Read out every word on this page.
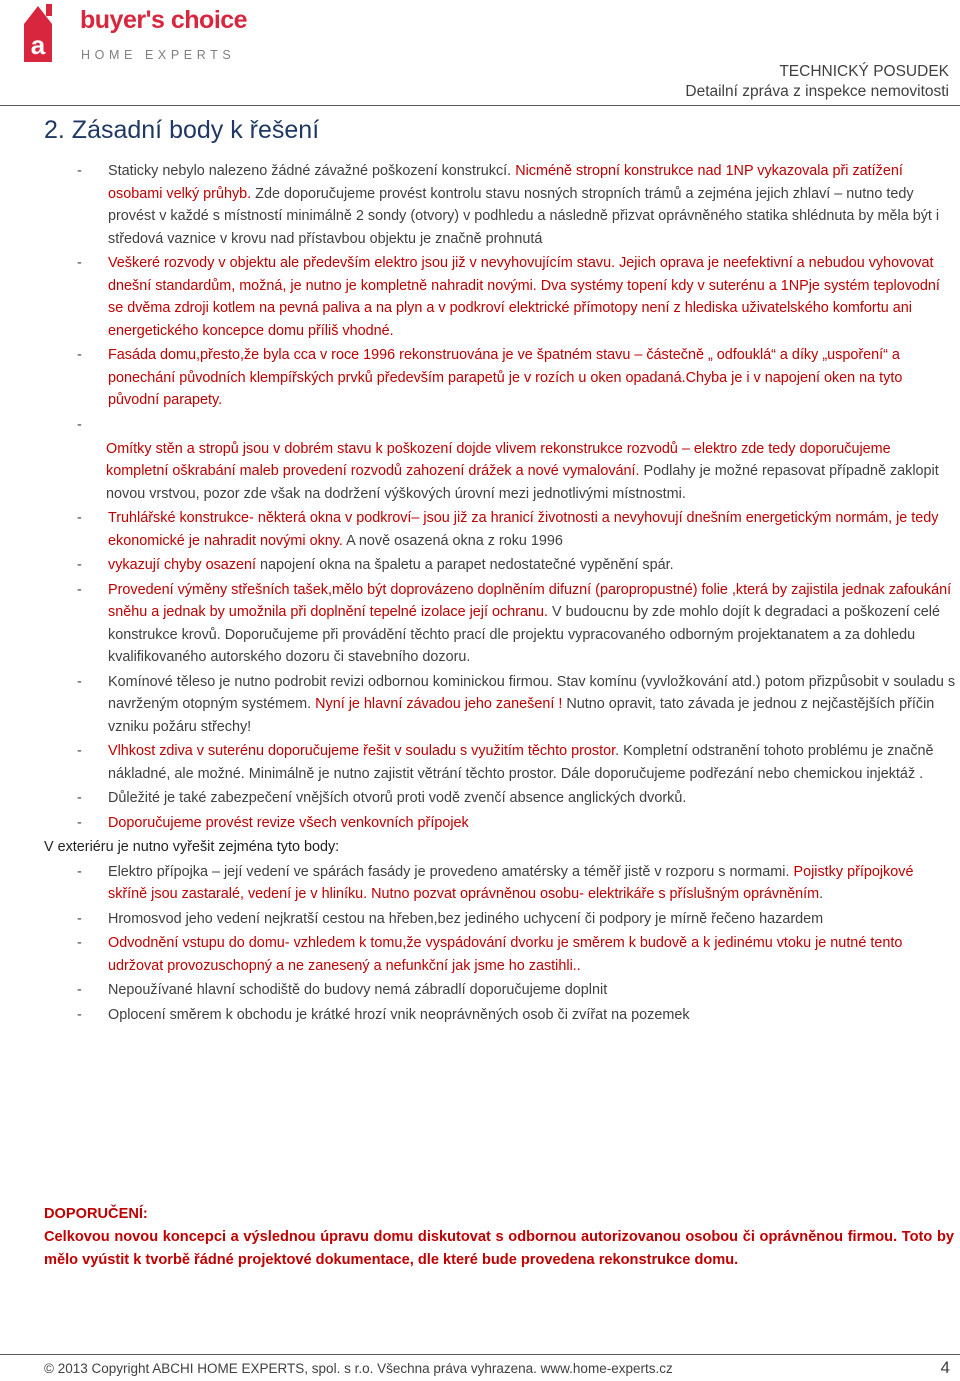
a
buyer's choice
HOME EXPERTS
TECHNICKÝ POSUDEK
Detailní zpráva z inspekce nemovitosti
2. Zásadní body k řešení
- Staticky nebylo nalezeno žádné závažné poškození konstrukcí. Nicméně stropní konstrukce nad 1NP vykazovala při zatížení osobami velký průhyb. Zde doporučujeme provést kontrolu stavu nosných stropních trámů a zejména jejich zhlaví – nutno tedy provést v každé s místností minimálně 2 sondy (otvory) v podhledu a následně přizvat oprávněného statika shlédnuta by měla být i středová vaznice v krovu nad přístavbou objektu je značně prohnutá
- Veškeré rozvody v objektu ale především elektro jsou již v nevyhovujícím stavu. Jejich oprava je neefektivní a nebudou vyhovovat dnešní standardům, možná, je nutno je kompletně nahradit novými. Dva systémy topení kdy v suterénu a 1NPje systém teplovodní se dvěma zdroji kotlem na pevná paliva a na plyn a v podkroví elektrické přímotopy není z hlediska uživatelského komfortu ani energetického koncepce domu příliš vhodné.
- Fasáda domu,přesto,že byla cca v roce 1996 rekonstruována je ve špatném stavu – částečně „ odfouklá“ a díky „uspoření“ a ponechání původních klempířských prvků především parapetů je v rozích u oken opadaná.Chyba je i v napojení oken na tyto původní parapety.
-
Omítky stěn a stropů jsou v dobrém stavu k poškození dojde vlivem rekonstrukce rozvodů – elektro zde tedy doporučujeme kompletní oškrabání maleb provedení rozvodů zahození drážek a nové vymalování. Podlahy je možné repasovat případně zaklopit novou vrstvou, pozor zde však na dodržení výškových úrovní mezi jednotlivými místnostmi.
- Truhlářské konstrukce- některá okna v podkroví– jsou již za hranicí životnosti a nevyhovují dnešním energetickým normám, je tedy ekonomické je nahradit novými okny. A nově osazená okna z roku 1996
- vykazují chyby osazení napojení okna na špaletu a parapet nedostatečné vypěnění spár.
- Provedení výměny střešních tašek,mělo být doprovázeno doplněním difuzní (paropropustné) folie ,která by zajistila jednak zafoukání sněhu a jednak by umožnila při doplnění tepelné izolace její ochranu. V budoucnu by zde mohlo dojít k degradaci a poškození celé konstrukce krovů. Doporučujeme při provádění těchto prací dle projektu vypracovaného odborným projektanatem a za dohledu kvalifikovaného autorského dozoru či stavebního dozoru.
- Komínové těleso je nutno podrobit revizi odbornou kominickou firmou. Stav komínu (vyvložkování atd.) potom přizpůsobit v souladu s navrženým otopným systémem. Nyní je hlavní závadou jeho zanešení ! Nutno opravit, tato závada je jednou z nejčastějších příčin vzniku požáru střechy!
- Vlhkost zdiva v suterénu doporučujeme řešit v souladu s využitím těchto prostor. Kompletní odstranění tohoto problému je značně nákladné, ale možné. Minimálně je nutno zajistit větrání těchto prostor. Dále doporučujeme podřezání nebo chemickou injektáž .
- Důležité je také zabezpečení vnějších otvorů proti vodě zvenčí absence anglických dvorků.
- Doporučujeme provést revize všech venkovních přípojek
V exteriéru je nutno vyřešit zejména tyto body:
- Elektro přípojka – její vedení ve spárách fasády je provedeno amatérsky a téměř jistě v rozporu s normami. Pojistky přípojkové skříně jsou zastaralé, vedení je v hliníku. Nutno pozvat oprávněnou osobu- elektrikáře s příslušným oprávněním.
- Hromosvod jeho vedení nejkratší cestou na hřeben,bez jediného uchycení či podpory je mírně řečeno hazardem
- Odvodnění vstupu do domu- vzhledem k tomu,že vyspádování dvorku je směrem k budově a k jedinému vtoku je nutné tento udržovat provozuschopný a ne zanesený a nefunkční jak jsme ho zastihli..
- Nepoužívané hlavní schodiště do budovy nemá zábradlí doporučujeme doplnit
- Oplocení směrem k obchodu je krátké hrozí vnik neoprávněných osob či zvířat na pozemek
DOPORUČENÍ:
Celkovou novou koncepci a výslednou úpravu domu diskutovat s odbornou autorizovanou osobou či oprávněnou firmou. Toto by mělo vyústit k tvorbě řádné projektové dokumentace, dle které bude provedena rekonstrukce domu.
© 2013 Copyright ABCHI HOME EXPERTS, spol. s r.o. Všechna práva vyhrazena. www.home-experts.cz	4
